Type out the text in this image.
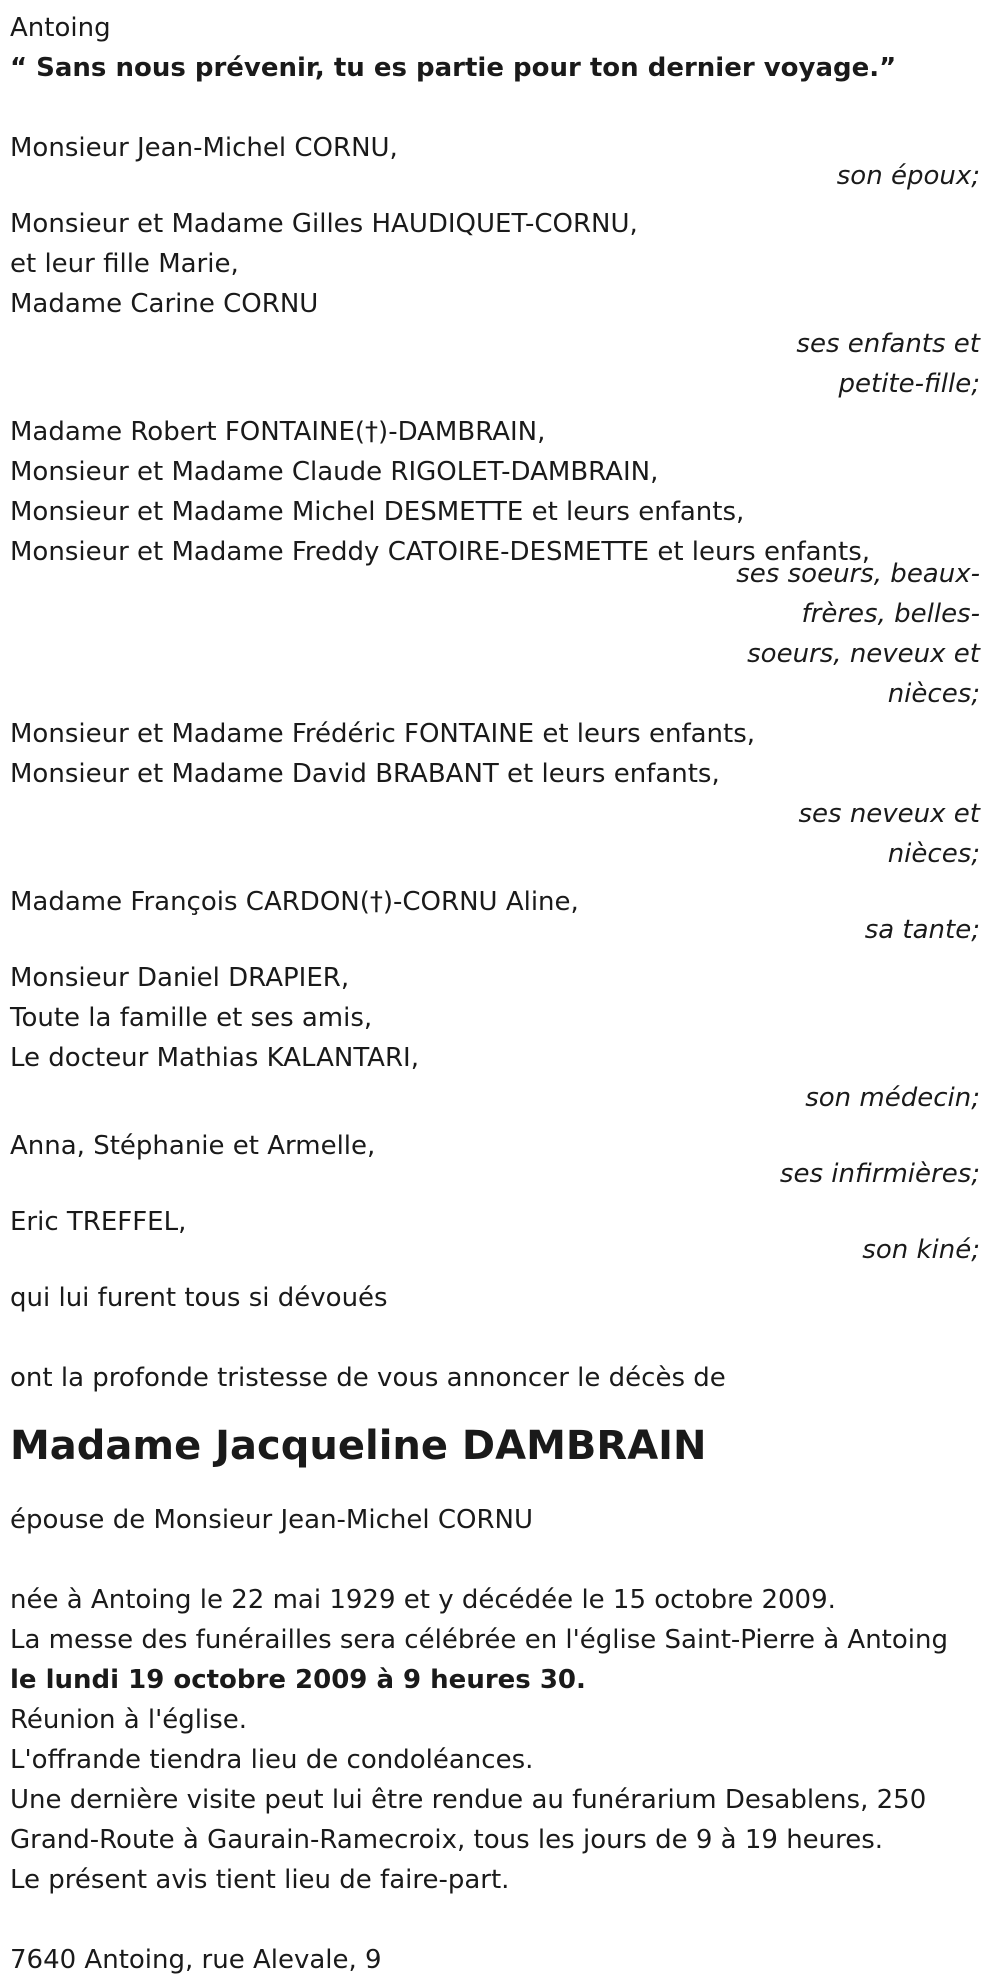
Antoing
“ Sans nous prévenir, tu es partie pour ton dernier voyage.”
Monsieur Jean-Michel CORNU,
son époux;
Monsieur et Madame Gilles HAUDIQUET-CORNU,
et leur fille Marie,
Madame Carine CORNU
ses enfants et
petite-fille;
Madame Robert FONTAINE(†)-DAMBRAIN,
Monsieur et Madame Claude RIGOLET-DAMBRAIN,
Monsieur et Madame Michel DESMETTE et leurs enfants,
Monsieur et Madame Freddy CATOIRE-DESMETTE et leurs enfants,
ses soeurs, beaux-
frères, belles-
soeurs, neveux et
nièces;
Monsieur et Madame Frédéric FONTAINE et leurs enfants,
Monsieur et Madame David BRABANT et leurs enfants,
ses neveux et
nièces;
Madame François CARDON(†)-CORNU Aline,
sa tante;
Monsieur Daniel DRAPIER,
Toute la famille et ses amis,
Le docteur Mathias KALANTARI,
son médecin;
Anna, Stéphanie et Armelle,
ses infirmières;
Eric TREFFEL,
son kiné;
qui lui furent tous si dévoués
ont la profonde tristesse de vous annoncer le décès de
Madame Jacqueline DAMBRAIN
épouse de Monsieur Jean-Michel CORNU
née à Antoing le 22 mai 1929 et y décédée le 15 octobre 2009.
La messe des funérailles sera célébrée en l'église Saint-Pierre à Antoing
le lundi 19 octobre 2009 à 9 heures 30.
Réunion à l'église.
L'offrande tiendra lieu de condoléances.
Une dernière visite peut lui être rendue au funérarium Desablens, 250
Grand-Route à Gaurain-Ramecroix, tous les jours de 9 à 19 heures.
Le présent avis tient lieu de faire-part.
7640 Antoing, rue Alevale, 9
